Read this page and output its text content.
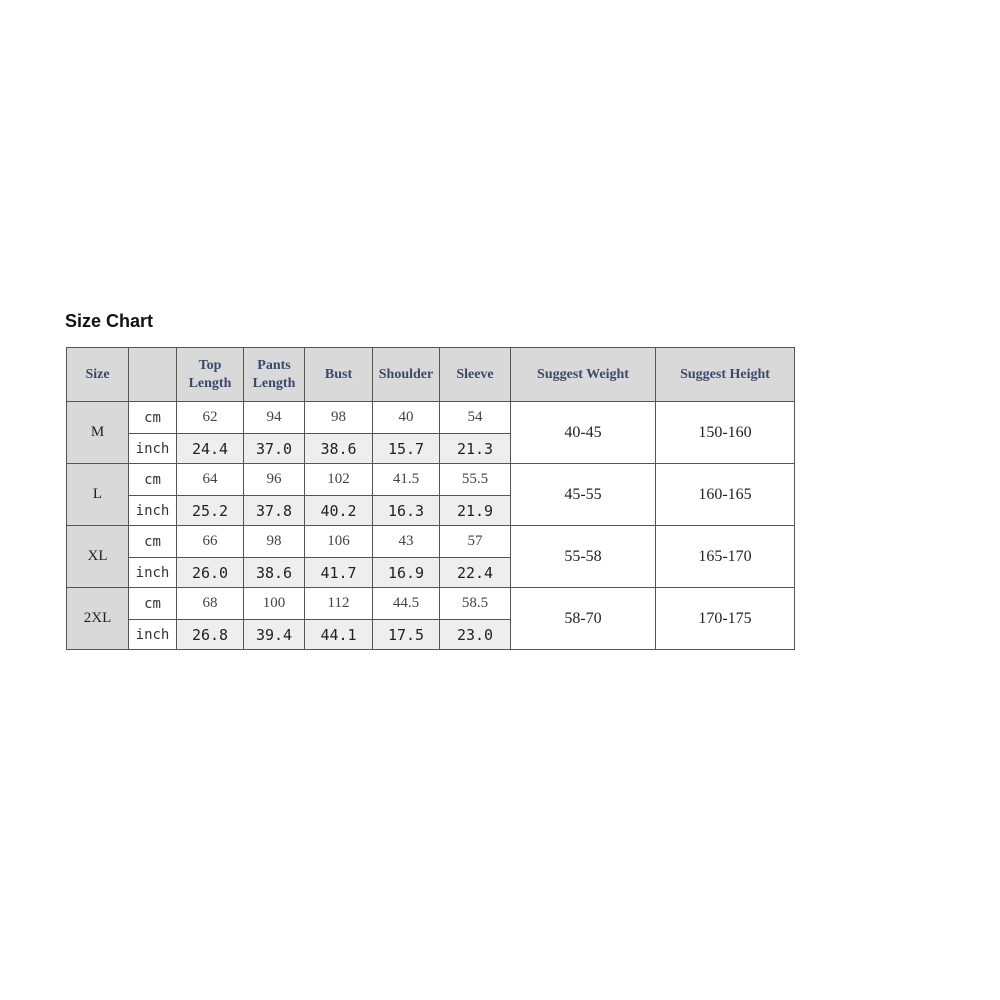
Size Chart
Size		Top Length	Pants Length	Bust	Shoulder	Sleeve	Suggest Weight	Suggest Height
M	cm	62	94	98	40	54	40-45	150-160
	inch	24.4	37.0	38.6	15.7	21.3		
L	cm	64	96	102	41.5	55.5	45-55	160-165
	inch	25.2	37.8	40.2	16.3	21.9		
XL	cm	66	98	106	43	57	55-58	165-170
	inch	26.0	38.6	41.7	16.9	22.4		
2XL	cm	68	100	112	44.5	58.5	58-70	170-175
	inch	26.8	39.4	44.1	17.5	23.0		
